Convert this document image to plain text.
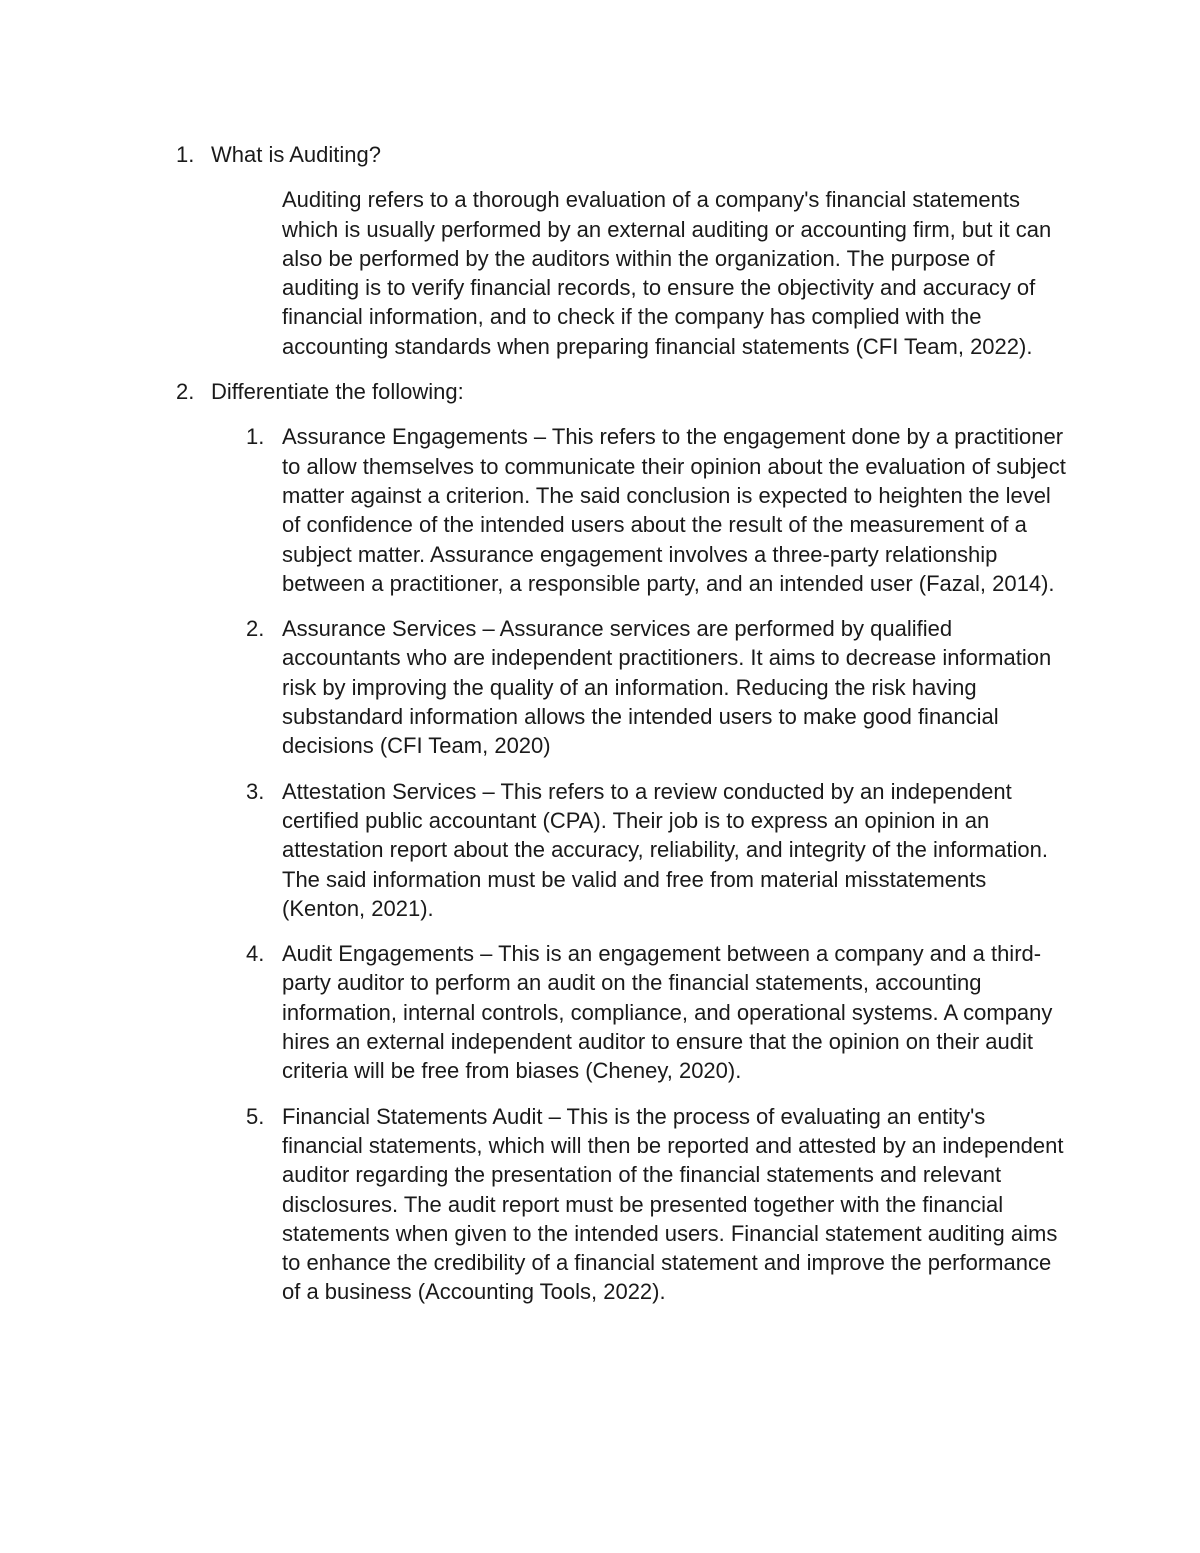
1. What is Auditing?
Auditing refers to a thorough evaluation of a company's financial statements which is usually performed by an external auditing or accounting firm, but it can also be performed by the auditors within the organization. The purpose of auditing is to verify financial records, to ensure the objectivity and accuracy of financial information, and to check if the company has complied with the accounting standards when preparing financial statements (CFI Team, 2022).
2. Differentiate the following:
1. Assurance Engagements – This refers to the engagement done by a practitioner to allow themselves to communicate their opinion about the evaluation of subject matter against a criterion. The said conclusion is expected to heighten the level of confidence of the intended users about the result of the measurement of a subject matter. Assurance engagement involves a three-party relationship between a practitioner, a responsible party, and an intended user (Fazal, 2014).
2. Assurance Services – Assurance services are performed by qualified accountants who are independent practitioners. It aims to decrease information risk by improving the quality of an information. Reducing the risk having substandard information allows the intended users to make good financial decisions (CFI Team, 2020)
3. Attestation Services – This refers to a review conducted by an independent certified public accountant (CPA). Their job is to express an opinion in an attestation report about the accuracy, reliability, and integrity of the information. The said information must be valid and free from material misstatements (Kenton, 2021).
4. Audit Engagements – This is an engagement between a company and a third-party auditor to perform an audit on the financial statements, accounting information, internal controls, compliance, and operational systems. A company hires an external independent auditor to ensure that the opinion on their audit criteria will be free from biases (Cheney, 2020).
5. Financial Statements Audit – This is the process of evaluating an entity's financial statements, which will then be reported and attested by an independent auditor regarding the presentation of the financial statements and relevant disclosures. The audit report must be presented together with the financial statements when given to the intended users. Financial statement auditing aims to enhance the credibility of a financial statement and improve the performance of a business (Accounting Tools, 2022).
